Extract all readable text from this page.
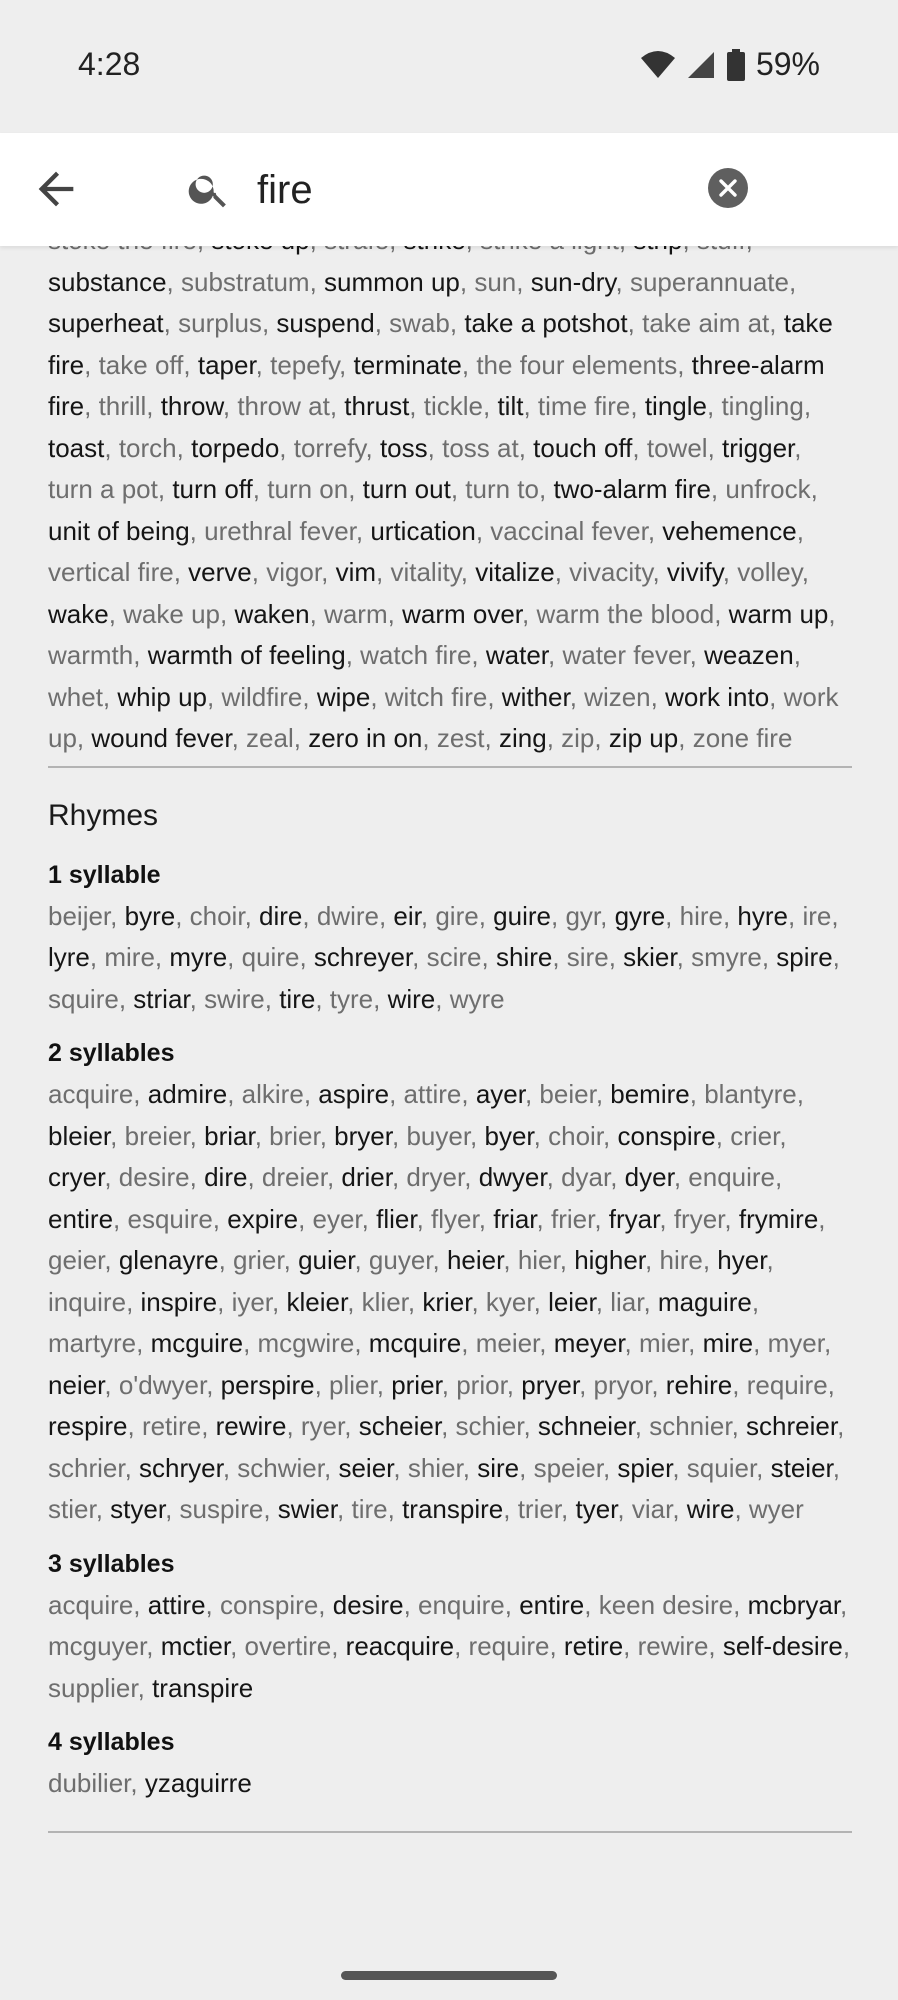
4:28	59%
fire
substance, substratum, summon up, sun, sun-dry, superannuate, superheat, surplus, suspend, swab, take a potshot, take aim at, take fire, take off, taper, tepefy, terminate, the four elements, three-alarm fire, thrill, throw, throw at, thrust, tickle, tilt, time fire, tingle, tingling, toast, torch, torpedo, torrefy, toss, toss at, touch off, towel, trigger, turn a pot, turn off, turn on, turn out, turn to, two-alarm fire, unfrock, unit of being, urethral fever, urtication, vaccinal fever, vehemence, vertical fire, verve, vigor, vim, vitality, vitalize, vivacity, vivify, volley, wake, wake up, waken, warm, warm over, warm the blood, warm up, warmth, warmth of feeling, watch fire, water, water fever, weazen, whet, whip up, wildfire, wipe, witch fire, wither, wizen, work into, work up, wound fever, zeal, zero in on, zest, zing, zip, zip up, zone fire
Rhymes
1 syllable
beijer, byre, choir, dire, dwire, eir, gire, guire, gyr, gyre, hire, hyre, ire, lyre, mire, myre, quire, schreyer, scire, shire, sire, skier, smyre, spire, squire, striar, swire, tire, tyre, wire, wyre
2 syllables
acquire, admire, alkire, aspire, attire, ayer, beier, bemire, blantyre, bleier, breier, briar, brier, bryer, buyer, byer, choir, conspire, crier, cryer, desire, dire, dreier, drier, dryer, dwyer, dyar, dyer, enquire, entire, esquire, expire, eyer, flier, flyer, friar, frier, fryar, fryer, frymire, geier, glenayre, grier, guier, guyer, heier, hier, higher, hire, hyer, inquire, inspire, iyer, kleier, klier, krier, kyer, leier, liar, maguire, martyre, mcguire, mcgwire, mcquire, meier, meyer, mier, mire, myer, neier, o'dwyer, perspire, plier, prier, prior, pryer, pryor, rehire, require, respire, retire, rewire, ryer, scheier, schier, schneier, schnier, schreier, schrier, schryer, schwier, seier, shier, sire, speier, spier, squier, steier, stier, styer, suspire, swier, tire, transpire, trier, tyer, viar, wire, wyer
3 syllables
acquire, attire, conspire, desire, enquire, entire, keen desire, mcbryar, mcguyer, mctier, overtire, reacquire, require, retire, rewire, self-desire, supplier, transpire
4 syllables
dubilier, yzaguirre
